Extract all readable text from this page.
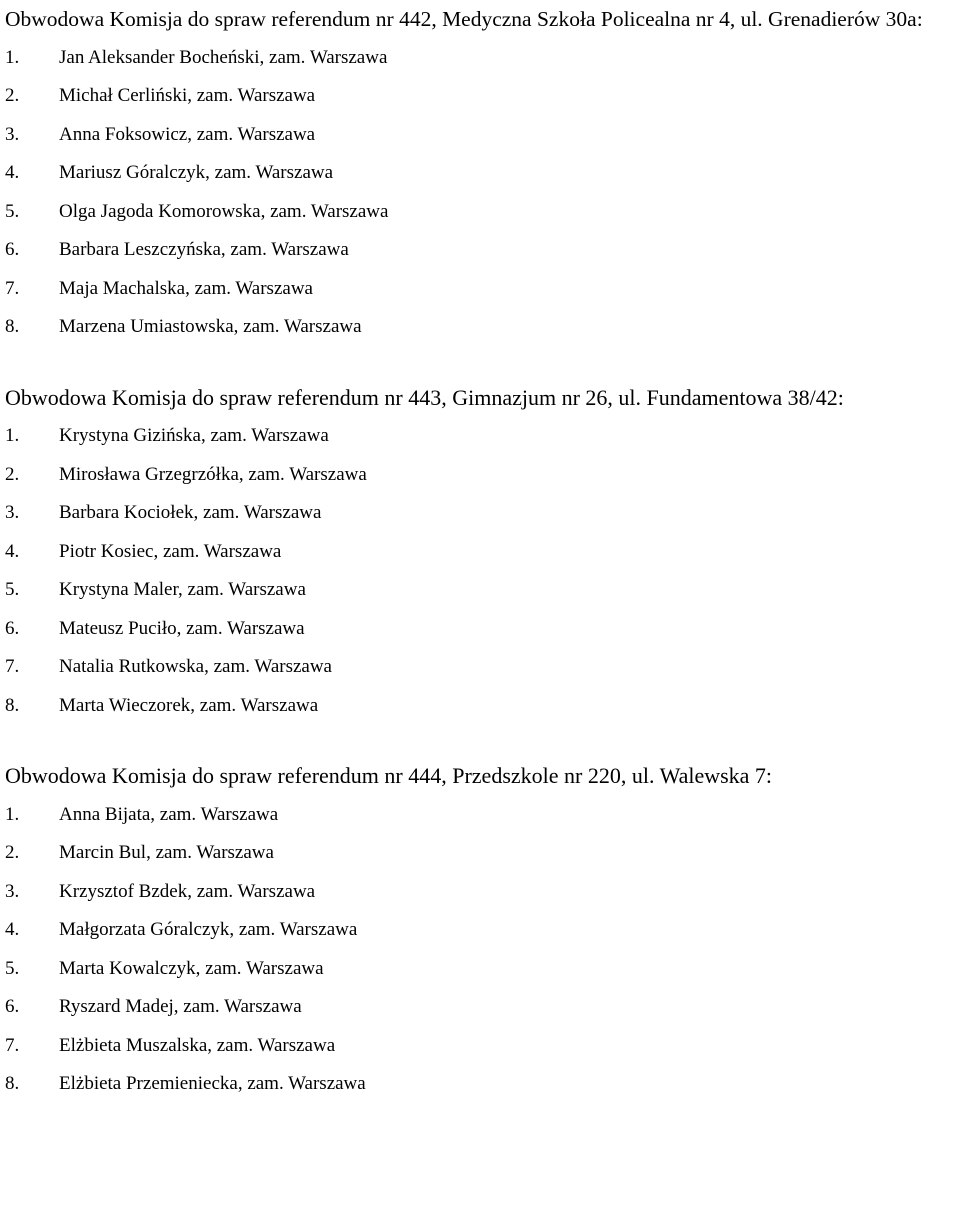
Obwodowa Komisja do spraw referendum nr 442, Medyczna Szkoła Policealna nr 4, ul. Grenadierów 30a:

1.	Jan Aleksander Bocheński, zam. Warszawa
2.	Michał Cerliński, zam. Warszawa
3.	Anna Foksowicz, zam. Warszawa
4.	Mariusz Góralczyk, zam. Warszawa
5.	Olga Jagoda Komorowska, zam. Warszawa
6.	Barbara Leszczyńska, zam. Warszawa
7.	Maja Machalska, zam. Warszawa
8.	Marzena Umiastowska, zam. Warszawa

Obwodowa Komisja do spraw referendum nr 443, Gimnazjum nr 26, ul. Fundamentowa 38/42:

1.	Krystyna Gizińska, zam. Warszawa
2.	Mirosława Grzegrzółka, zam. Warszawa
3.	Barbara Kociołek, zam. Warszawa
4.	Piotr Kosiec, zam. Warszawa
5.	Krystyna Maler, zam. Warszawa
6.	Mateusz Puciło, zam. Warszawa
7.	Natalia Rutkowska, zam. Warszawa
8.	Marta Wieczorek, zam. Warszawa

Obwodowa Komisja do spraw referendum nr 444, Przedszkole nr 220, ul. Walewska 7:

1.	Anna Bijata, zam. Warszawa
2.	Marcin Bul, zam. Warszawa
3.	Krzysztof Bzdek, zam. Warszawa
4.	Małgorzata Góralczyk, zam. Warszawa
5.	Marta Kowalczyk, zam. Warszawa
6.	Ryszard Madej, zam. Warszawa
7.	Elżbieta Muszalska, zam. Warszawa
8.	Elżbieta Przemieniecka, zam. Warszawa
